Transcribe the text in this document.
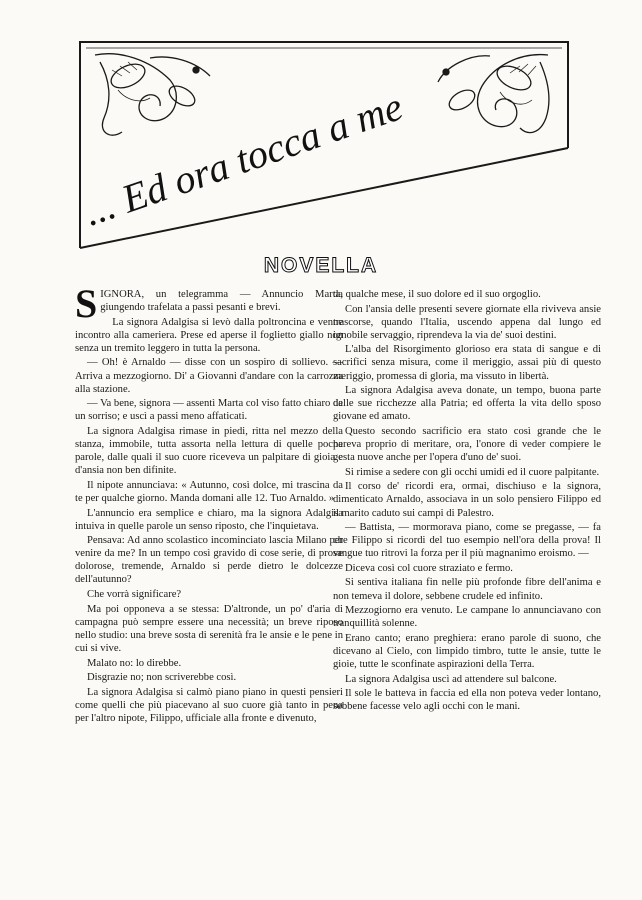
... Ed ora tocca a me
NOVELLA

SIGNORA, un telegramma — Annuncio Marta, giungendo trafelata a passi pesanti e brevi.

La signora Adalgisa si levò dalla poltroncina e venne incontro alla cameriera. Prese ed aperse il foglietto giallo non senza un tremito leggero in tutta la persona.

— Oh! è Arnaldo — disse con un sospiro di sollievo. — Arriva a mezzogiorno. Di' a Giovanni d'andare con la carrozza alla stazione.

— Va bene, signora — assentì Marta col viso fatto chiaro da un sorriso; e uscì a passi meno affaticati.

La signora Adalgisa rimase in piedi, ritta nel mezzo della stanza, immobile, tutta assorta nella lettura di quelle poche parole, dalle quali il suo cuore riceveva un palpitare di gioia e d'ansia non ben difinite.

Il nipote annunciava: « Autunno, così dolce, mi trascina da te per qualche giorno. Manda domani alle 12. Tuo Arnaldo. »

L'annuncio era semplice e chiaro, ma la signora Adalgisa intuiva in quelle parole un senso riposto, che l'inquietava.

Pensava: Ad anno scolastico incominciato lascia Milano per venire da me? In un tempo così gravido di cose serie, di prove dolorose, tremende, Arnaldo si perde dietro le dolcezze dell'autunno?

Che vorrà significare?

Ma poi opponeva a se stessa: D'altronde, un po' d'aria di campagna può sempre essere una necessità; un breve riposo nello studio: una breve sosta di serenità fra le ansie e le pene in cui si vive.

Malato no: lo direbbe.

Disgrazie no; non scriverebbe così.

La signora Adalgisa si calmò piano piano in questi pensieri come quelli che più piacevano al suo cuore già tanto in pena per l'altro nipote, Filippo, ufficiale alla fronte e divenuto,

da qualche mese, il suo dolore ed il suo orgoglio.

Con l'ansia delle presenti severe giornate ella riviveva ansie trascorse, quando l'Italia, uscendo appena dal lungo ed ignobile servaggio, riprendeva la via de' suoi destini.

L'alba del Risorgimento glorioso era stata di sangue e di sacrifici senza misura, come il meriggio, assai più di questo meriggio, promessa di gloria, ma vissuto in libertà.

La signora Adalgisa aveva donate, un tempo, buona parte delle sue ricchezze alla Patria; ed offerta la vita dello sposo giovane ed amato.

Questo secondo sacrificio era stato così grande che le pareva proprio di meritare, ora, l'onore di veder compiere le gesta nuove anche per l'opera d'uno de' suoi.

Si rimise a sedere con gli occhi umidi ed il cuore palpitante.

Il corso de' ricordi era, ormai, dischiuso e la signora, dimenticato Arnaldo, associava in un solo pensiero Filippo ed il marito caduto sui campi di Palestro.

— Battista, — mormorava piano, come se pregasse, — fa che Filippo si ricordi del tuo esempio nell'ora della prova! Il sangue tuo ritrovi la forza per il più magnanimo eroismo. —

Diceva così col cuore straziato e fermo.

Si sentiva italiana fin nelle più profonde fibre dell'anima e non temeva il dolore, sebbene crudele ed infinito.

Mezzogiorno era venuto. Le campane lo annunciavano con tranquillità solenne.

Erano canto; erano preghiera: erano parole di suono, che dicevano al Cielo, con limpido timbro, tutte le ansie, tutte le gioie, tutte le sconfinate aspirazioni della Terra.

La signora Adalgisa uscì ad attendere sul balcone.

Il sole le batteva in faccia ed ella non poteva veder lontano, sebbene facesse velo agli occhi con le mani.
